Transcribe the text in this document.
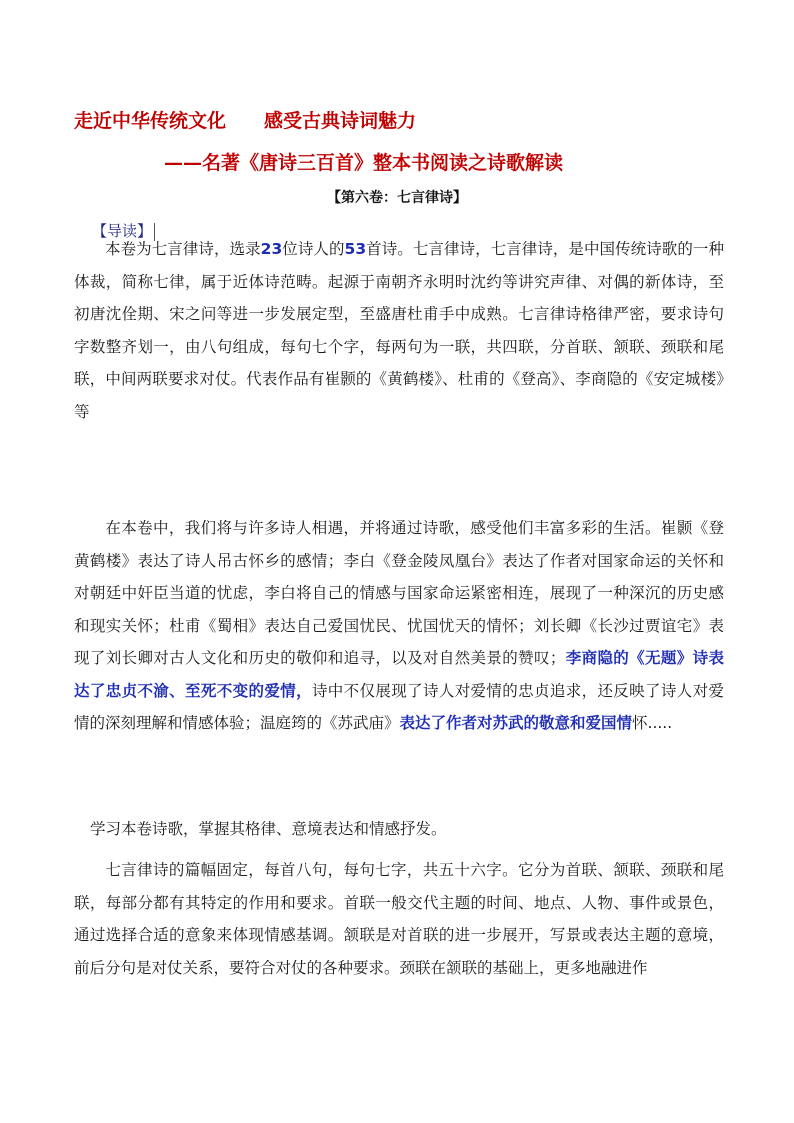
走近中华传统文化 感受古典诗词魅力
——名著《唐诗三百首》整本书阅读之诗歌解读
【第六卷：七言律诗】
【导读】
本卷为七言律诗，选录23位诗人的53首诗。七言律诗，七言律诗，是中国传统诗歌的一种体裁，简称七律，属于近体诗范畴。起源于南朝齐永明时沈约等讲究声律、对偶的新体诗，至初唐沈佺期、宋之问等进一步发展定型，至盛唐杜甫手中成熟。七言律诗格律严密，要求诗句字数整齐划一，由八句组成，每句七个字，每两句为一联，共四联，分首联、颔联、颈联和尾联，中间两联要求对仗。代表作品有崔颢的《黄鹤楼》、杜甫的《登高》、李商隐的《安定城楼》等
在本卷中，我们将与许多诗人相遇，并将通过诗歌，感受他们丰富多彩的生活。崔颢《登黄鹤楼》表达了诗人吊古怀乡的感情；李白《登金陵凤凰台》表达了作者对国家命运的关怀和对朝廷中奸臣当道的忧虑，李白将自己的情感与国家命运紧密相连，展现了一种深沉的历史感和现实关怀；杜甫《蜀相》表达自己爱国忧民、忧国忧天的情怀；刘长卿《长沙过贾谊宅》表现了刘长卿对古人文化和历史的敬仰和追寻，以及对自然美景的赞叹；李商隐的《无题》诗表达了忠贞不渝、至死不变的爱情，诗中不仅展现了诗人对爱情的忠贞追求，还反映了诗人对爱情的深刻理解和情感体验；温庭筠的《苏武庙》表达了作者对苏武的敬意和爱国情怀.....
学习本卷诗歌，掌握其格律、意境表达和情感抒发。
七言律诗的篇幅固定，每首八句，每句七字，共五十六字。它分为首联、颔联、颈联和尾联，每部分都有其特定的作用和要求。首联一般交代主题的时间、地点、人物、事件或景色，通过选择合适的意象来体现情感基调。颔联是对首联的进一步展开，写景或表达主题的意境，前后分句是对仗关系，要符合对仗的各种要求。颈联在颔联的基础上，更多地融进作
